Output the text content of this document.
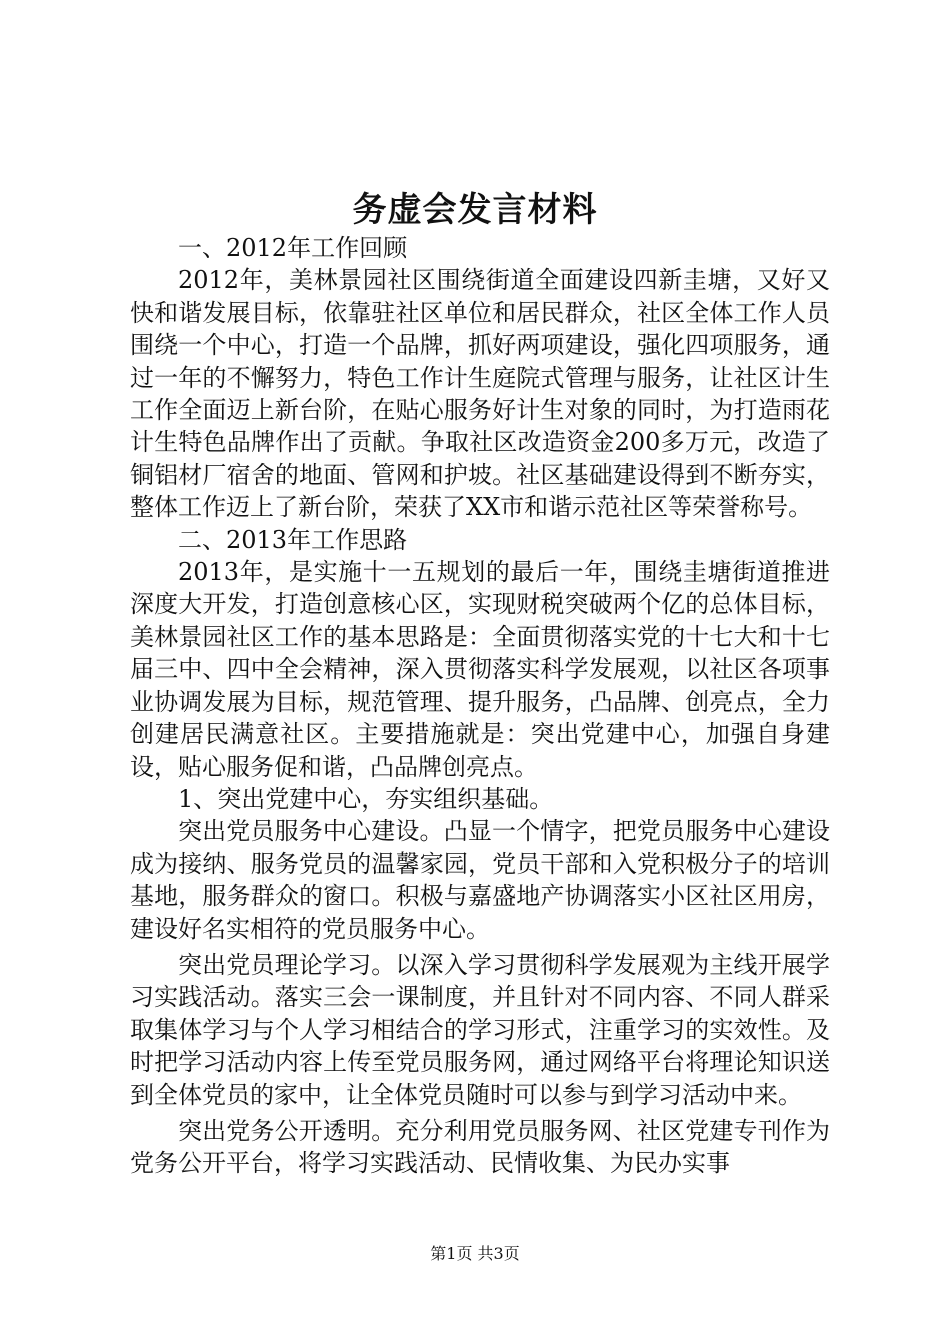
务虚会发言材料

一、2012年工作回顾

2012年，美林景园社区围绕街道全面建设四新圭塘，又好又快和谐发展目标，依靠驻社区单位和居民群众，社区全体工作人员围绕一个中心，打造一个品牌，抓好两项建设，强化四项服务，通过一年的不懈努力，特色工作计生庭院式管理与服务，让社区计生工作全面迈上新台阶，在贴心服务好计生对象的同时，为打造雨花计生特色品牌作出了贡献。争取社区改造资金200多万元，改造了铜铝材厂宿舍的地面、管网和护坡。社区基础建设得到不断夯实，整体工作迈上了新台阶，荣获了XX市和谐示范社区等荣誉称号。

二、2013年工作思路

2013年，是实施十一五规划的最后一年，围绕圭塘街道推进深度大开发，打造创意核心区，实现财税突破两个亿的总体目标，美林景园社区工作的基本思路是：全面贯彻落实党的十七大和十七届三中、四中全会精神，深入贯彻落实科学发展观，以社区各项事业协调发展为目标，规范管理、提升服务，凸品牌、创亮点，全力创建居民满意社区。主要措施就是：突出党建中心，加强自身建设，贴心服务促和谐，凸品牌创亮点。

1、突出党建中心，夯实组织基础。

突出党员服务中心建设。凸显一个情字，把党员服务中心建设成为接纳、服务党员的温馨家园，党员干部和入党积极分子的培训基地，服务群众的窗口。积极与嘉盛地产协调落实小区社区用房，建设好名实相符的党员服务中心。

突出党员理论学习。以深入学习贯彻科学发展观为主线开展学习实践活动。落实三会一课制度，并且针对不同内容、不同人群采取集体学习与个人学习相结合的学习形式，注重学习的实效性。及时把学习活动内容上传至党员服务网，通过网络平台将理论知识送到全体党员的家中，让全体党员随时可以参与到学习活动中来。

突出党务公开透明。充分利用党员服务网、社区党建专刊作为党务公开平台，将学习实践活动、民情收集、为民办实事

第1页 共3页
